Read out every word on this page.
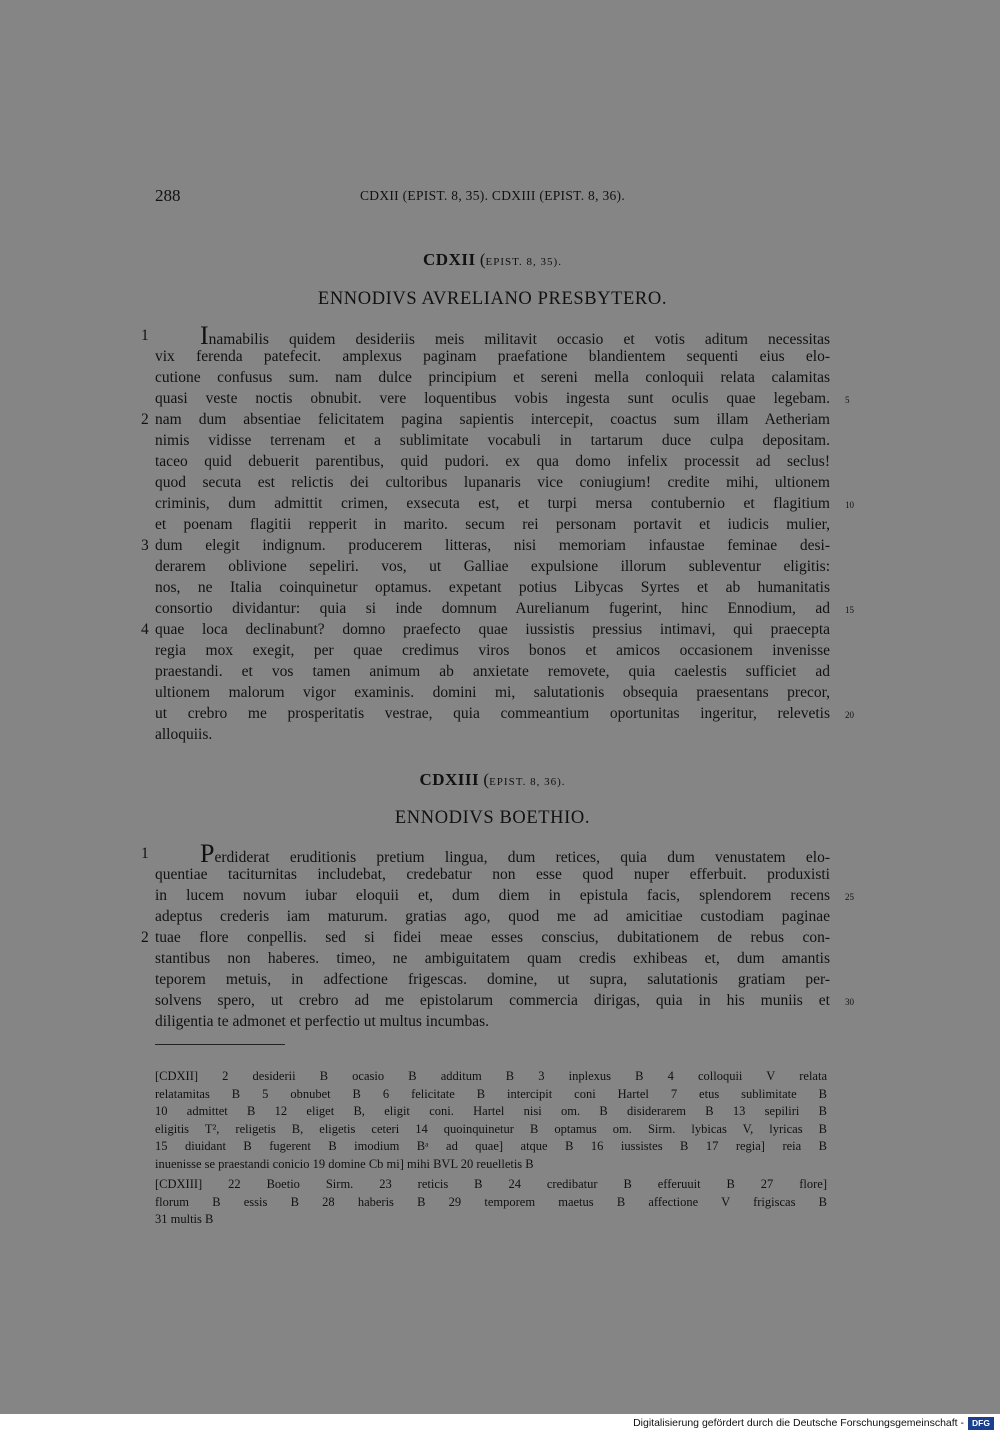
288	CDXII (EPIST. 8, 35). CDXIII (EPIST. 8, 36).
CDXII (EPIST. 8, 35).
ENNODIVS AVRELIANO PRESBYTERO.
1	Inamabilis quidem desideriis meis militavit occasio et votis aditum necessitas
vix ferenda patefecit. amplexus paginam praefatione blandientem sequenti eius elo-
cutione confusus sum. nam dulce principium et sereni mella conloquii relata calamitas
quasi veste noctis obnubit. vere loquentibus vobis ingesta sunt oculis quae legebam. 5
2 nam dum absentiae felicitatem pagina sapientis intercepit, coactus sum illam Aetheriam
nimis vidisse terrenam et a sublimitate vocabuli in tartarum duce culpa depositam.
taceo quid debuerit parentibus, quid pudori. ex qua domo infelix processit ad seclus!
quod secuta est relictis dei cultoribus lupanaris vice coniugium! credite mihi, ultionem
criminis, dum admittit crimen, exsecuta est, et turpi mersa contubernio et flagitium 10
et poenam flagitii repperit in marito. secum rei personam portavit et iudicis mulier,
3 dum elegit indignum. producerem litteras, nisi memoriam infaustae feminae desi-
derarem oblivione sepeliri. vos, ut Galliae expulsione illorum subleventur eligitis:
nos, ne Italia coinquinetur optamus. expetant potius Libycas Syrtes et ab humanitatis
consortio dividantur: quia si inde domnum Aurelianum fugerint, hinc Ennodium, ad 15
4 quae loca declinabunt? domno praefecto quae iussistis pressius intimavi, qui praecepta
regia mox exegit, per quae credimus viros bonos et amicos occasionem invenisse
praestandi. et vos tamen animum ab anxietate removete, quia caelestis sufficiet ad
ultionem malorum vigor examinis. domini mi, salutationis obsequia praesentans precor,
ut crebro me prosperitatis vestrae, quia commeantium oportunitas ingeritur, relevetis 20
alloquiis.
CDXIII (EPIST. 8, 36).
ENNODIVS BOETHIO.
1	Perdiderat eruditionis pretium lingua, dum retices, quia dum venustatem elo-
quentiae taciturnitas includebat, credebatur non esse quod nuper efferbuit. produxisti
in lucem novum iubar eloquii et, dum diem in epistula facis, splendorem recens 25
adeptus crederis iam maturum. gratias ago, quod me ad amicitiae custodiam paginae
2 tuae flore conpellis. sed si fidei meae esses conscius, dubitationem de rebus con-
stantibus non haberes. timeo, ne ambiguitatem quam credis exhibeas et, dum amantis
teporem metuis, in adfectione frigescas. domine, ut supra, salutationis gratiam per-
solvens spero, ut crebro ad me epistolarum commercia dirigas, quia in his muniis et 30
diligentia te admonet et perfectio ut multus incumbas.
[CDXII] 2 desiderii B ocasio B additum B 3 inplexus B 4 colloquii V relata
relatamitas B 5 obnubet B 6 felicitate B intercipit coni Hartel 7 etus sublimitate B
10 admittet B 12 eliget B, eligit coni. Hartel nisi om. B disiderarem B 13 sepiliri B
eligitis T², religetis B, eligetis ceteri 14 quoinquinetur B optamus om. Sirm. lybicas V, lyricas B
15 diuidant B fugerent B imodium Bᵃ ad quae] atque B 16 iussistes B 17 regia] reia B
inuenisse se praestandi conicio 19 domine Cb mi] mihi BVL 20 reuelletis B
[CDXIII] 22 Boetio Sirm. 23 reticis B 24 credibatur B efferuuit B 27 flore]
florum B essis B 28 haberis B 29 temporem maetus B affectione V frigiscas B
31 multis B
Digitalisierung gefördert durch die Deutsche Forschungsgemeinschaft - DFG
